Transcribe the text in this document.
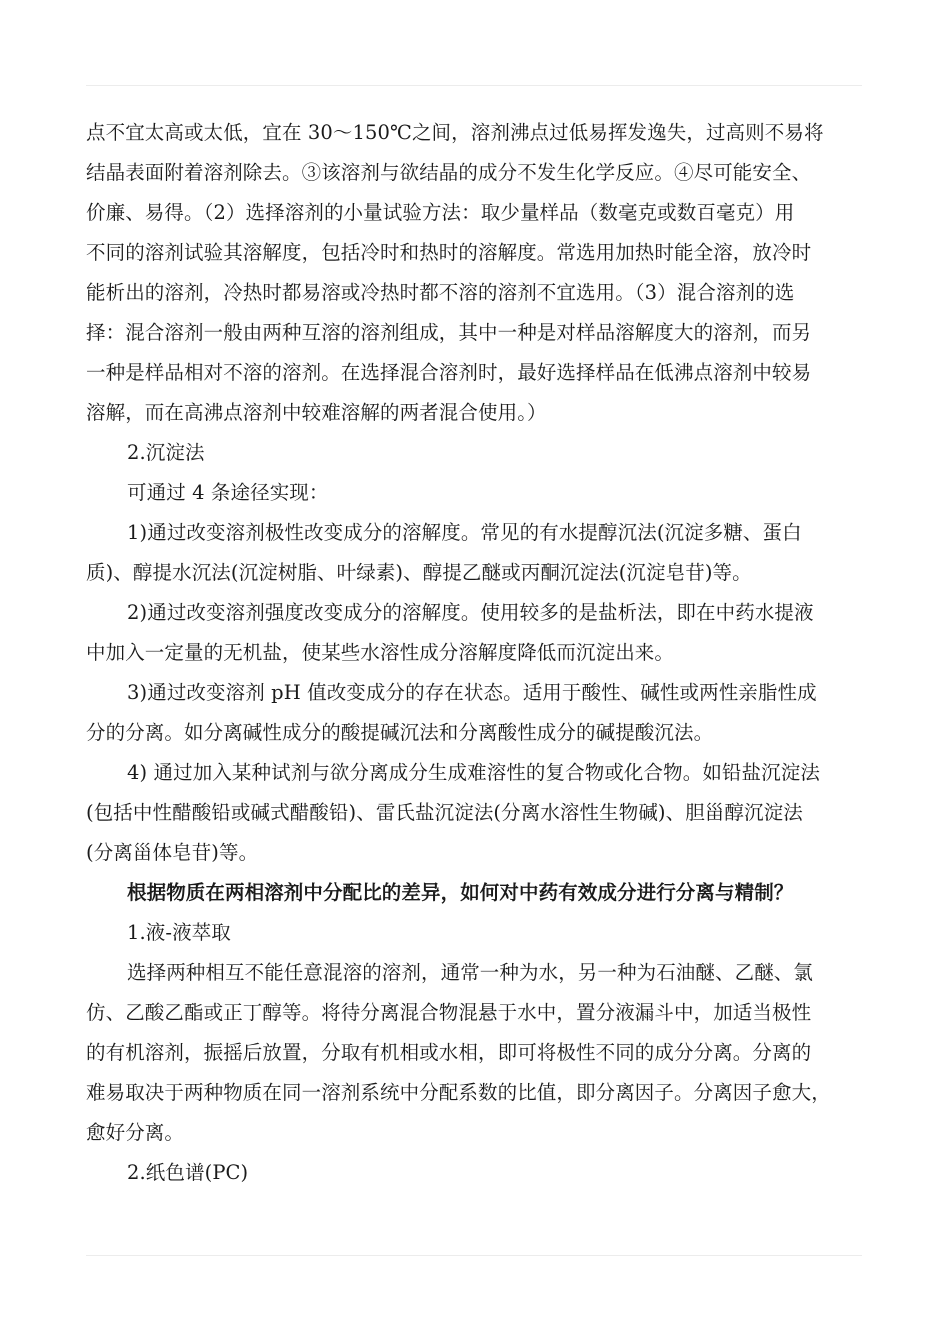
点不宜太高或太低，宜在 30～150℃之间，溶剂沸点过低易挥发逸失，过高则不易将
结晶表面附着溶剂除去。③该溶剂与欲结晶的成分不发生化学反应。④尽可能安全、
价廉、易得。（2）选择溶剂的小量试验方法：取少量样品（数毫克或数百毫克）用
不同的溶剂试验其溶解度，包括冷时和热时的溶解度。常选用加热时能全溶，放冷时
能析出的溶剂，冷热时都易溶或冷热时都不溶的溶剂不宜选用。（3）混合溶剂的选
择：混合溶剂一般由两种互溶的溶剂组成，其中一种是对样品溶解度大的溶剂，而另
一种是样品相对不溶的溶剂。在选择混合溶剂时，最好选择样品在低沸点溶剂中较易
溶解，而在高沸点溶剂中较难溶解的两者混合使用。）
2.沉淀法
可通过 4 条途径实现：
1)通过改变溶剂极性改变成分的溶解度。常见的有水提醇沉法(沉淀多糖、蛋白
质)、醇提水沉法(沉淀树脂、叶绿素)、醇提乙醚或丙酮沉淀法(沉淀皂苷)等。
2)通过改变溶剂强度改变成分的溶解度。使用较多的是盐析法，即在中药水提液
中加入一定量的无机盐，使某些水溶性成分溶解度降低而沉淀出来。
3)通过改变溶剂 pH 值改变成分的存在状态。适用于酸性、碱性或两性亲脂性成
分的分离。如分离碱性成分的酸提碱沉法和分离酸性成分的碱提酸沉法。
4) 通过加入某种试剂与欲分离成分生成难溶性的复合物或化合物。如铅盐沉淀法
(包括中性醋酸铅或碱式醋酸铅)、雷氏盐沉淀法(分离水溶性生物碱)、胆甾醇沉淀法
(分离甾体皂苷)等。
根据物质在两相溶剂中分配比的差异，如何对中药有效成分进行分离与精制？
1.液-液萃取
选择两种相互不能任意混溶的溶剂，通常一种为水，另一种为石油醚、乙醚、氯
仿、乙酸乙酯或正丁醇等。将待分离混合物混悬于水中，置分液漏斗中，加适当极性
的有机溶剂，振摇后放置，分取有机相或水相，即可将极性不同的成分分离。分离的
难易取决于两种物质在同一溶剂系统中分配系数的比值，即分离因子。分离因子愈大，
愈好分离。
2.纸色谱(PC)
